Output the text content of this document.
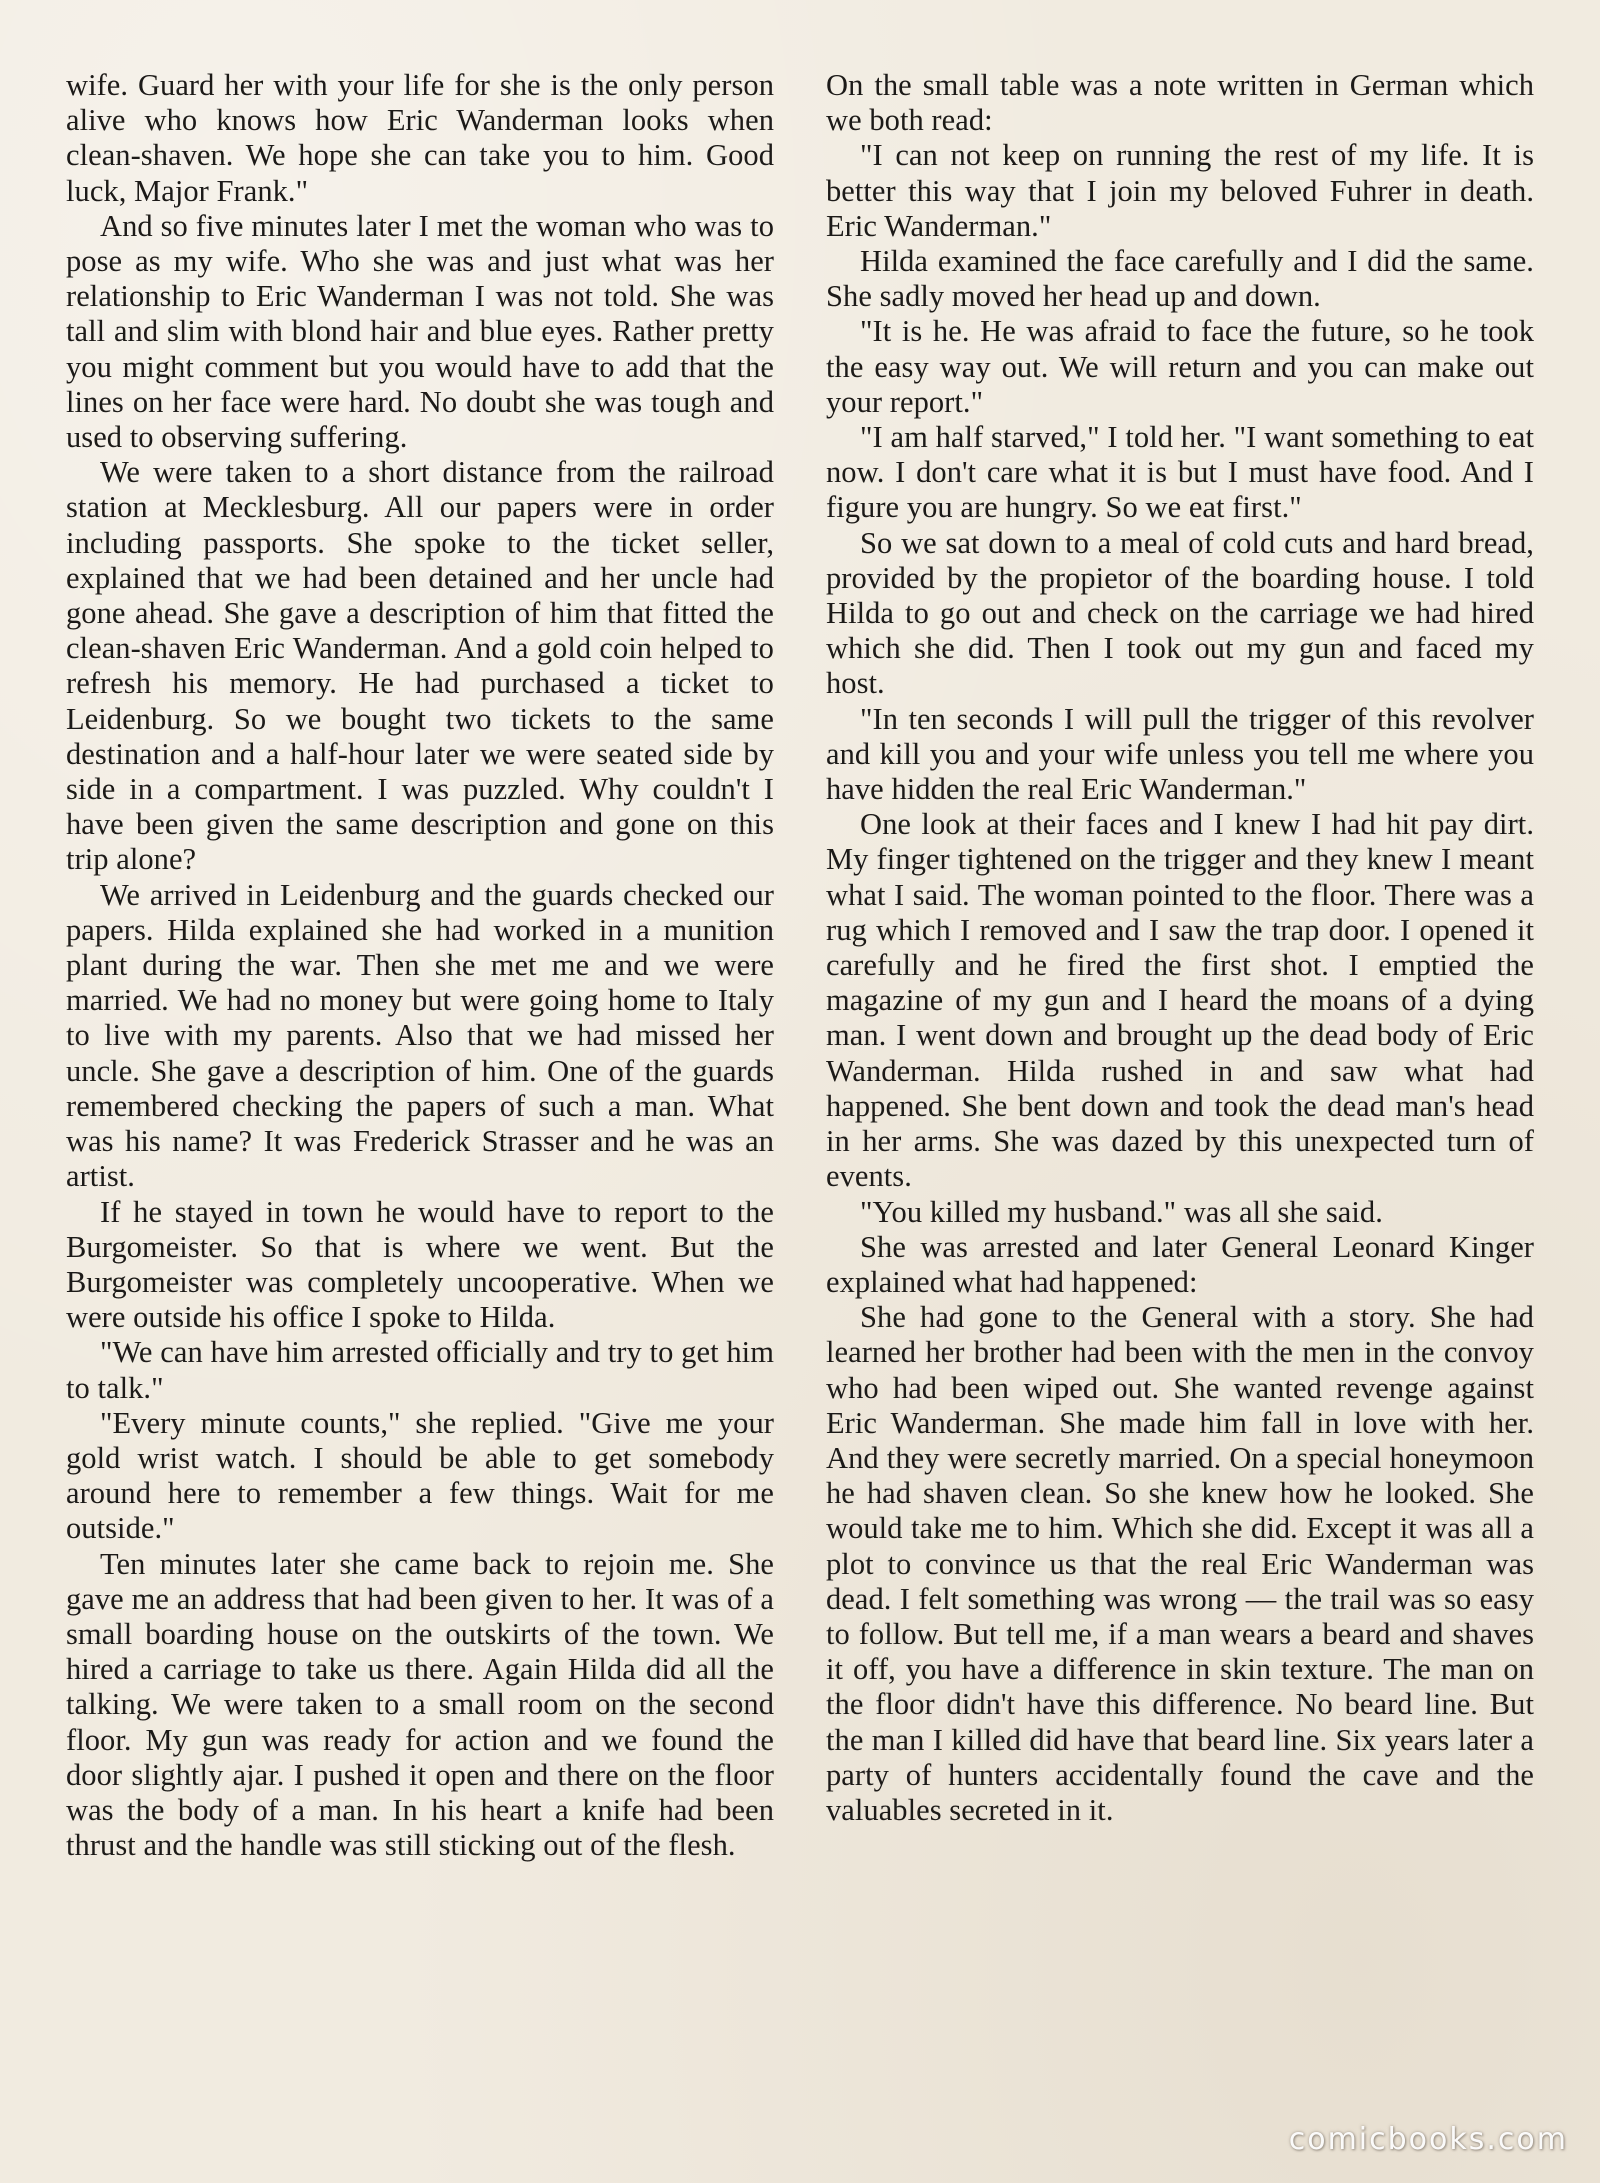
wife. Guard her with your life for she is the only person alive who knows how Eric Wanderman looks when clean-shaven. We hope she can take you to him. Good luck, Major Frank."

And so five minutes later I met the woman who was to pose as my wife. Who she was and just what was her relationship to Eric Wanderman I was not told. She was tall and slim with blond hair and blue eyes. Rather pretty you might comment but you would have to add that the lines on her face were hard. No doubt she was tough and used to observing suffering.

We were taken to a short distance from the railroad station at Mecklesburg. All our papers were in order including passports. She spoke to the ticket seller, explained that we had been detained and her uncle had gone ahead. She gave a description of him that fitted the clean-shaven Eric Wanderman. And a gold coin helped to refresh his memory. He had purchased a ticket to Leidenburg. So we bought two tickets to the same destination and a half-hour later we were seated side by side in a compartment. I was puzzled. Why couldn't I have been given the same description and gone on this trip alone?

We arrived in Leidenburg and the guards checked our papers. Hilda explained she had worked in a munition plant during the war. Then she met me and we were married. We had no money but were going home to Italy to live with my parents. Also that we had missed her uncle. She gave a description of him. One of the guards remembered checking the papers of such a man. What was his name? It was Frederick Strasser and he was an artist.

If he stayed in town he would have to report to the Burgomeister. So that is where we went. But the Burgomeister was completely uncooperative. When we were outside his office I spoke to Hilda.

"We can have him arrested officially and try to get him to talk."

"Every minute counts," she replied. "Give me your gold wrist watch. I should be able to get somebody around here to remember a few things. Wait for me outside."

Ten minutes later she came back to rejoin me. She gave me an address that had been given to her. It was of a small boarding house on the outskirts of the town. We hired a carriage to take us there. Again Hilda did all the talking. We were taken to a small room on the second floor. My gun was ready for action and we found the door slightly ajar. I pushed it open and there on the floor was the body of a man. In his heart a knife had been thrust and the handle was still sticking out of the flesh.

On the small table was a note written in German which we both read:

"I can not keep on running the rest of my life. It is better this way that I join my beloved Fuhrer in death. Eric Wanderman."

Hilda examined the face carefully and I did the same. She sadly moved her head up and down.

"It is he. He was afraid to face the future, so he took the easy way out. We will return and you can make out your report."

"I am half starved," I told her. "I want something to eat now. I don't care what it is but I must have food. And I figure you are hungry. So we eat first."

So we sat down to a meal of cold cuts and hard bread, provided by the propietor of the boarding house. I told Hilda to go out and check on the carriage we had hired which she did. Then I took out my gun and faced my host.

"In ten seconds I will pull the trigger of this revolver and kill you and your wife unless you tell me where you have hidden the real Eric Wanderman."

One look at their faces and I knew I had hit pay dirt. My finger tightened on the trigger and they knew I meant what I said. The woman pointed to the floor. There was a rug which I removed and I saw the trap door. I opened it carefully and he fired the first shot. I emptied the magazine of my gun and I heard the moans of a dying man. I went down and brought up the dead body of Eric Wanderman. Hilda rushed in and saw what had happened. She bent down and took the dead man's head in her arms. She was dazed by this unexpected turn of events.

"You killed my husband." was all she said.

She was arrested and later General Leonard Kinger explained what had happened:

She had gone to the General with a story. She had learned her brother had been with the men in the convoy who had been wiped out. She wanted revenge against Eric Wanderman. She made him fall in love with her. And they were secretly married. On a special honeymoon he had shaven clean. So she knew how he looked. She would take me to him. Which she did. Except it was all a plot to convince us that the real Eric Wanderman was dead. I felt something was wrong — the trail was so easy to follow. But tell me, if a man wears a beard and shaves it off, you have a difference in skin texture. The man on the floor didn't have this difference. No beard line. But the man I killed did have that beard line. Six years later a party of hunters accidentally found the cave and the valuables secreted in it.

comicbooks.com
